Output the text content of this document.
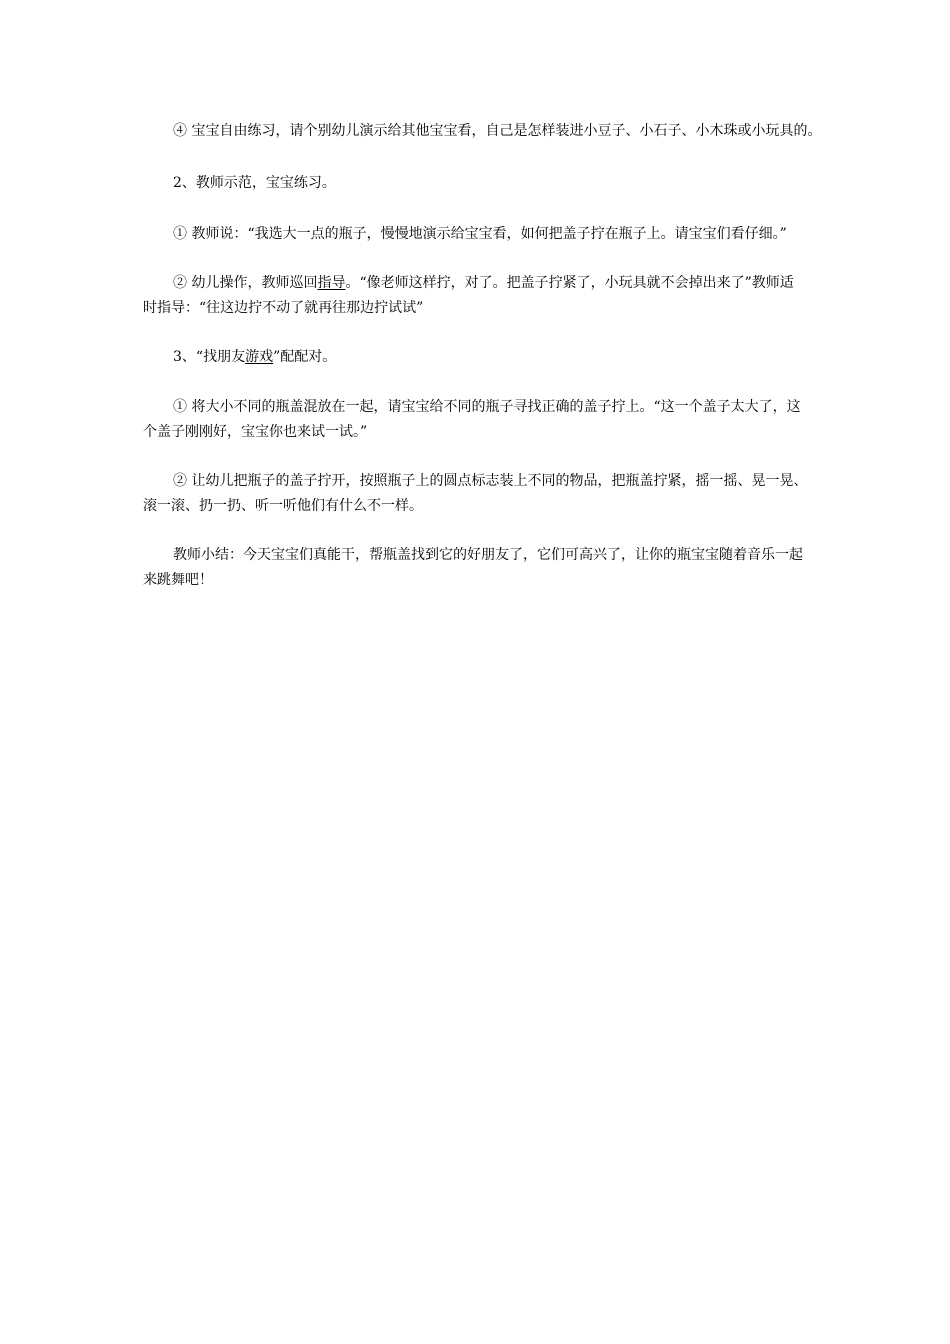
④ 宝宝自由练习，请个别幼儿演示给其他宝宝看，自己是怎样装进小豆子、小石子、小木珠或小玩具的。

2、教师示范，宝宝练习。

① 教师说：“我选大一点的瓶子，慢慢地演示给宝宝看，如何把盖子拧在瓶子上。请宝宝们看仔细。”

② 幼儿操作，教师巡回指导。“像老师这样拧，对了。把盖子拧紧了，小玩具就不会掉出来了”教师适
时指导：“往这边拧不动了就再往那边拧试试”

3、“找朋友游戏”配配对。

① 将大小不同的瓶盖混放在一起，请宝宝给不同的瓶子寻找正确的盖子拧上。“这一个盖子太大了，这
个盖子刚刚好，宝宝你也来试一试。”

② 让幼儿把瓶子的盖子拧开，按照瓶子上的圆点标志装上不同的物品，把瓶盖拧紧，摇一摇、晃一晃、
滚一滚、扔一扔、听一听他们有什么不一样。

教师小结：今天宝宝们真能干，帮瓶盖找到它的好朋友了，它们可高兴了，让你的瓶宝宝随着音乐一起
来跳舞吧！
